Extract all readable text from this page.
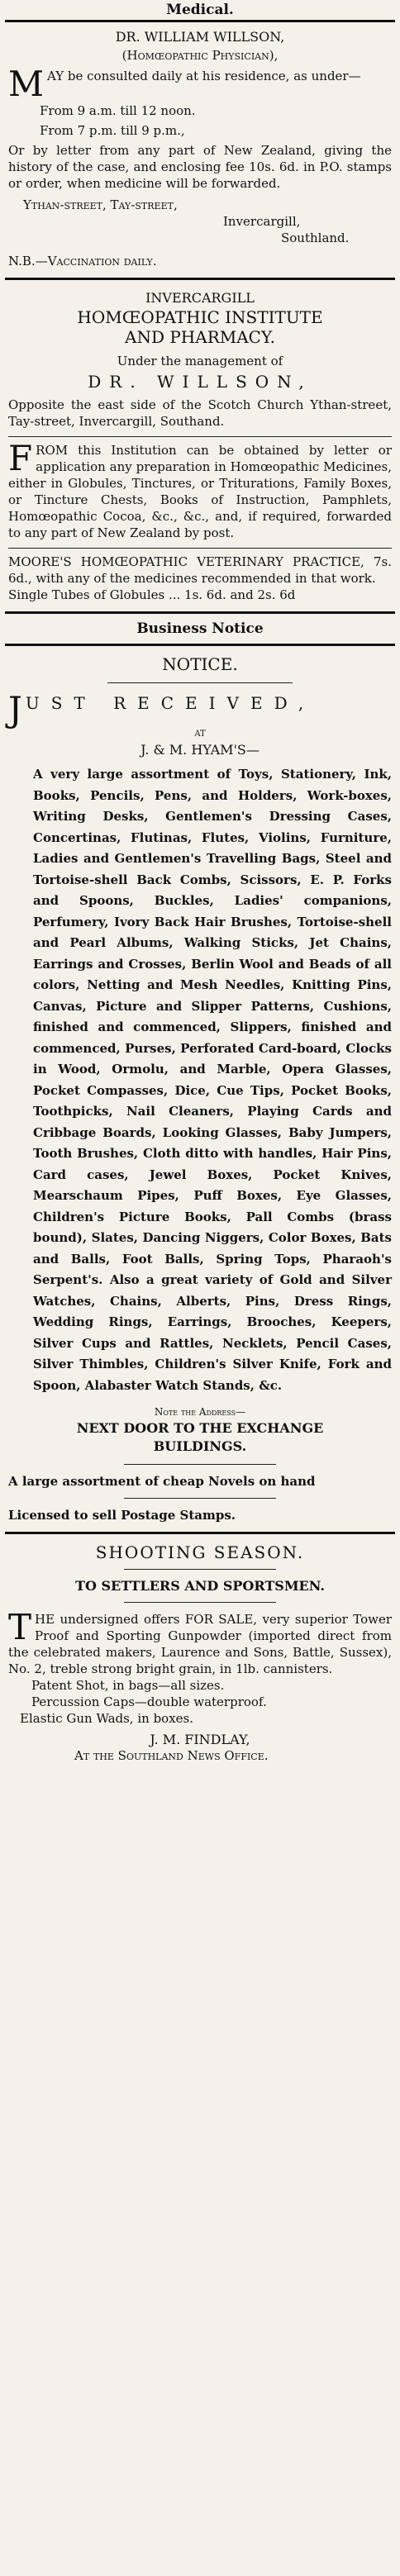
Medical.
DR. WILLIAM WILLSON,
(Homœopathic Physician),
MAY be consulted daily at his residence, as under—
From 9 a.m. till 12 noon.
From 7 p.m. till 9 p.m.,
Or by letter from any part of New Zealand, giving the history of the case, and enclosing fee 10s. 6d. in P.O. stamps or order, when medicine will be forwarded.
Ythan-street, Tay-street,
Invercargill,
Southland.
N.B.—Vaccination daily.
INVERCARGILL
HOMŒOPATHIC INSTITUTE
AND PHARMACY.
Under the management of
DR. WILLSON,
Opposite the east side of the Scotch Church Ythan-street, Tay-street, Invercargill, Southand.
FROM this Institution can be obtained by letter or application any preparation in Homœopathic Medicines, either in Globules, Tinctures, or Triturations, Family Boxes, or Tincture Chests, Books of Instruction, Pamphlets, Homœopathic Cocoa, &c., &c., and, if required, forwarded to any part of New Zealand by post.
MOORE'S HOMŒOPATHIC VETERINARY PRACTICE, 7s. 6d., with any of the medicines recommended in that work.
Single Tubes of Globules ... 1s. 6d. and 2s. 6d
Business Notice
NOTICE.
JUST RECEIVED,
AT
J. & M. HYAM'S—
A very large assortment of Toys, Stationery, Ink, Books, Pencils, Pens, and Holders, Work-boxes, Writing Desks, Gentlemen's Dressing Cases, Concertinas, Flutinas, Flutes, Violins, Furniture, Ladies and Gentlemen's Travelling Bags, Steel and Tortoise-shell Back Combs, Scissors, E. P. Forks and Spoons, Buckles, Ladies' companions, Perfumery, Ivory Back Hair Brushes, Tortoise-shell and Pearl Albums, Walking Sticks, Jet Chains, Earrings and Crosses, Berlin Wool and Beads of all colors, Netting and Mesh Needles, Knitting Pins, Canvas, Picture and Slipper Patterns, Cushions, finished and commenced, Slippers, finished and commenced, Purses, Perforated Card-board, Clocks in Wood, Ormolu, and Marble, Opera Glasses, Pocket Compasses, Dice, Cue Tips, Pocket Books, Toothpicks, Nail Cleaners, Playing Cards and Cribbage Boards, Looking Glasses, Baby Jumpers, Tooth Brushes, Cloth ditto with handles, Hair Pins, Card cases, Jewel Boxes, Pocket Knives, Mearschaum Pipes, Puff Boxes, Eye Glasses, Children's Picture Books, Pall Combs (brass bound), Slates, Dancing Niggers, Color Boxes, Bats and Balls, Foot Balls, Spring Tops, Pharaoh's Serpent's. Also a great variety of Gold and Silver Watches, Chains, Alberts, Pins, Dress Rings, Wedding Rings, Earrings, Brooches, Keepers, Silver Cups and Rattles, Necklets, Pencil Cases, Silver Thimbles, Children's Silver Knife, Fork and Spoon, Alabaster Watch Stands, &c.
Note the Address—
NEXT DOOR TO THE EXCHANGE BUILDINGS.
A large assortment of cheap Novels on hand
Licensed to sell Postage Stamps.
SHOOTING SEASON.
TO SETTLERS AND SPORTSMEN.
THE undersigned offers FOR SALE, very superior Tower Proof and Sporting Gunpowder (imported direct from the celebrated makers, Laurence and Sons, Battle, Sussex), No. 2, treble strong bright grain, in 1lb. cannisters.
Patent Shot, in bags—all sizes.
Percussion Caps—double waterproof.
Elastic Gun Wads, in boxes.
J. M. FINDLAY,
At the Southland News Office.
